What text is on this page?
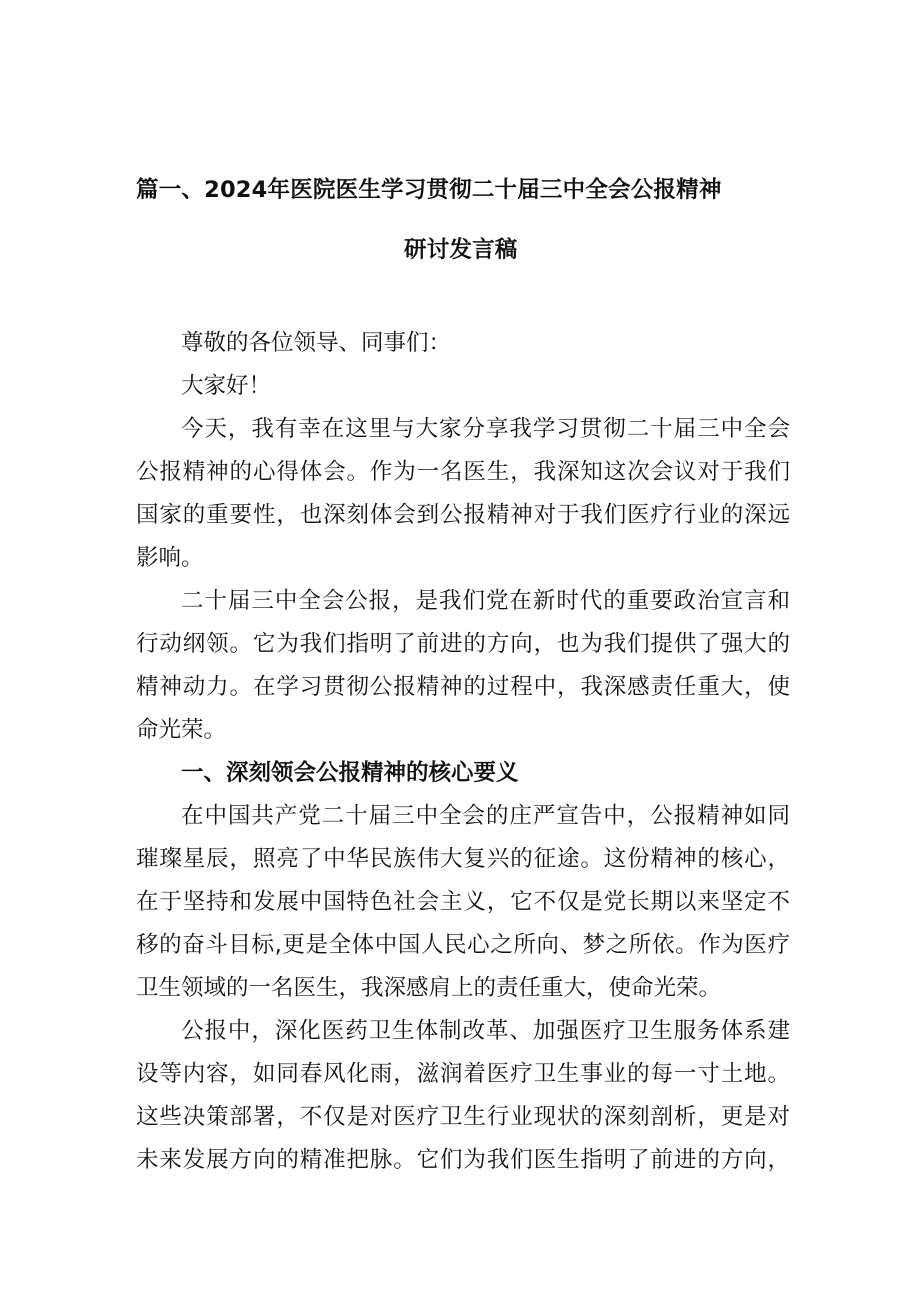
篇一、2024年医院医生学习贯彻二十届三中全会公报精神
研讨发言稿
尊敬的各位领导、同事们：
大家好！
今天，我有幸在这里与大家分享我学习贯彻二十届三中全会
公报精神的心得体会。作为一名医生，我深知这次会议对于我们
国家的重要性，也深刻体会到公报精神对于我们医疗行业的深远
影响。
二十届三中全会公报，是我们党在新时代的重要政治宣言和
行动纲领。它为我们指明了前进的方向，也为我们提供了强大的
精神动力。在学习贯彻公报精神的过程中，我深感责任重大，使
命光荣。
一、深刻领会公报精神的核心要义
在中国共产党二十届三中全会的庄严宣告中，公报精神如同
璀璨星辰，照亮了中华民族伟大复兴的征途。这份精神的核心，
在于坚持和发展中国特色社会主义，它不仅是党长期以来坚定不
移的奋斗目标,更是全体中国人民心之所向、梦之所依。作为医疗
卫生领域的一名医生，我深感肩上的责任重大，使命光荣。
公报中，深化医药卫生体制改革、加强医疗卫生服务体系建
设等内容，如同春风化雨，滋润着医疗卫生事业的每一寸土地。
这些决策部署，不仅是对医疗卫生行业现状的深刻剖析，更是对
未来发展方向的精准把脉。它们为我们医生指明了前进的方向，
